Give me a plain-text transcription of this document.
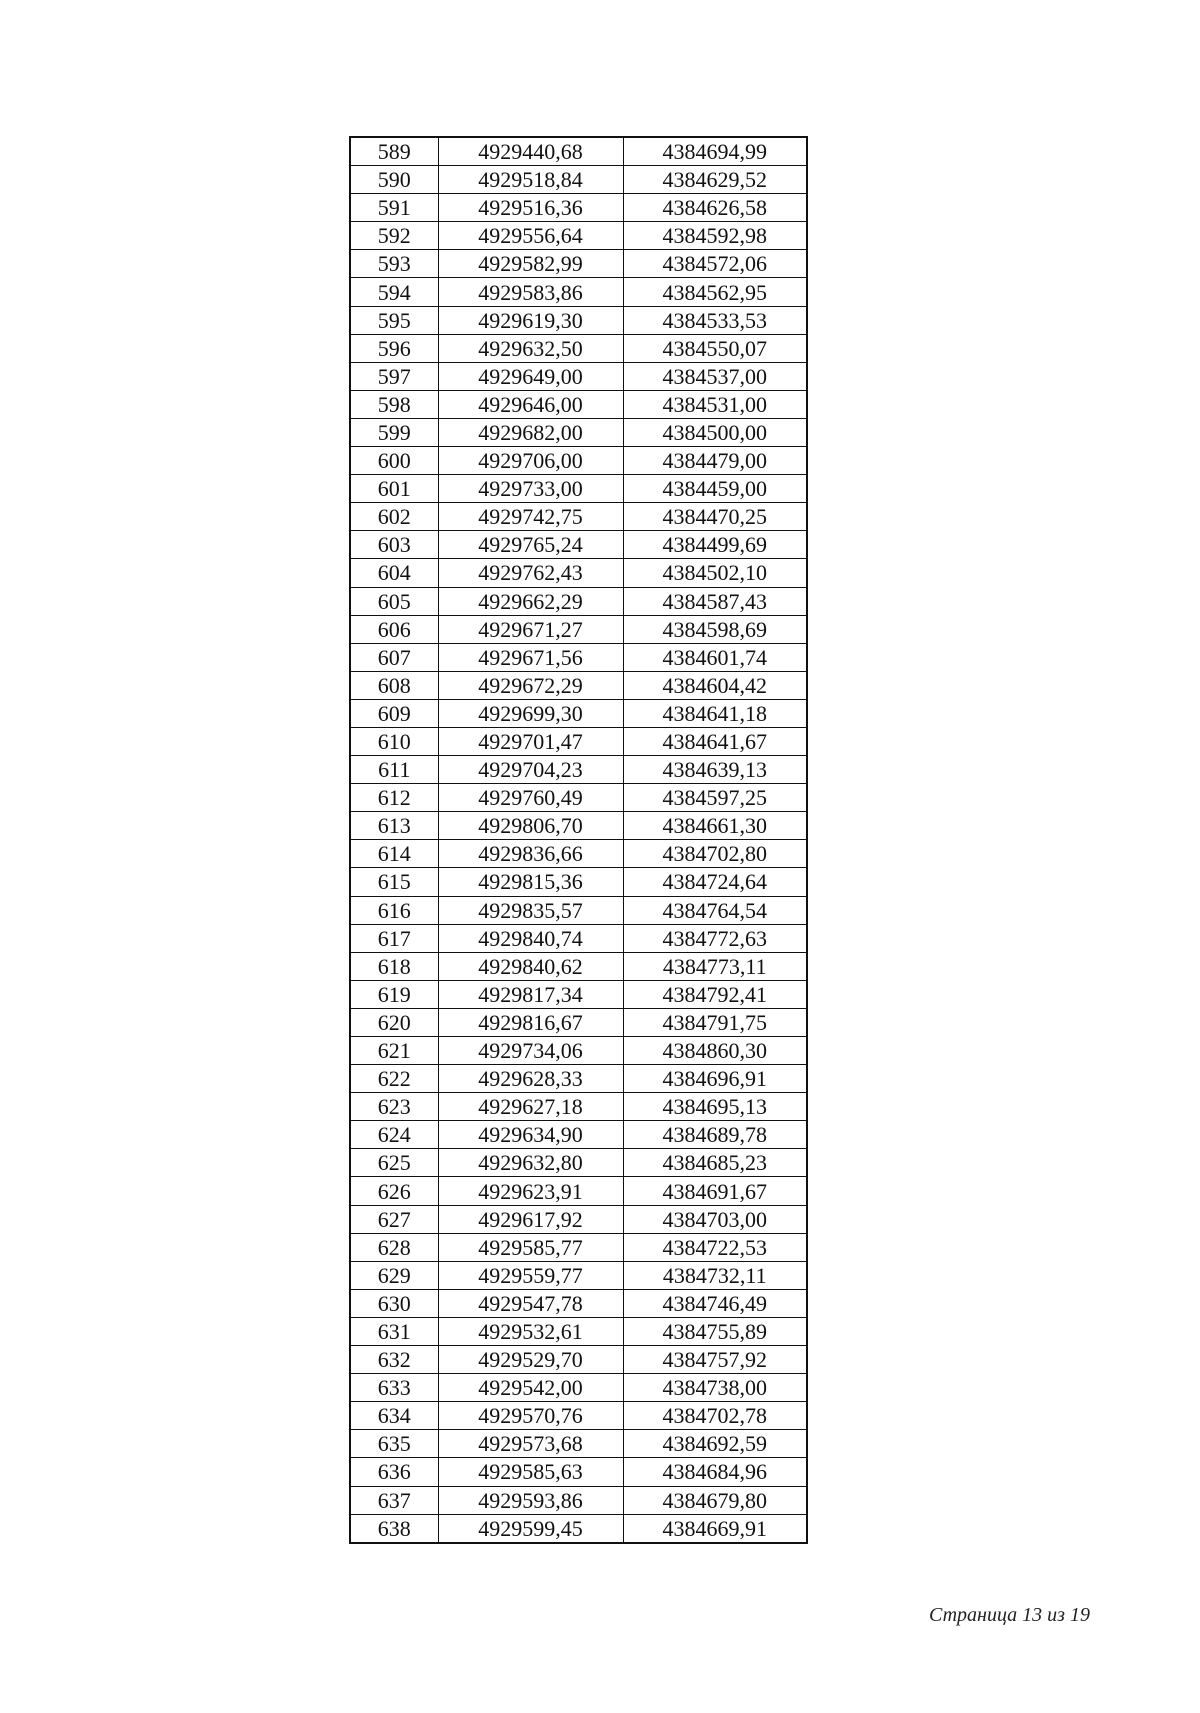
589	4929440,68	4384694,99
590	4929518,84	4384629,52
591	4929516,36	4384626,58
592	4929556,64	4384592,98
593	4929582,99	4384572,06
594	4929583,86	4384562,95
595	4929619,30	4384533,53
596	4929632,50	4384550,07
597	4929649,00	4384537,00
598	4929646,00	4384531,00
599	4929682,00	4384500,00
600	4929706,00	4384479,00
601	4929733,00	4384459,00
602	4929742,75	4384470,25
603	4929765,24	4384499,69
604	4929762,43	4384502,10
605	4929662,29	4384587,43
606	4929671,27	4384598,69
607	4929671,56	4384601,74
608	4929672,29	4384604,42
609	4929699,30	4384641,18
610	4929701,47	4384641,67
611	4929704,23	4384639,13
612	4929760,49	4384597,25
613	4929806,70	4384661,30
614	4929836,66	4384702,80
615	4929815,36	4384724,64
616	4929835,57	4384764,54
617	4929840,74	4384772,63
618	4929840,62	4384773,11
619	4929817,34	4384792,41
620	4929816,67	4384791,75
621	4929734,06	4384860,30
622	4929628,33	4384696,91
623	4929627,18	4384695,13
624	4929634,90	4384689,78
625	4929632,80	4384685,23
626	4929623,91	4384691,67
627	4929617,92	4384703,00
628	4929585,77	4384722,53
629	4929559,77	4384732,11
630	4929547,78	4384746,49
631	4929532,61	4384755,89
632	4929529,70	4384757,92
633	4929542,00	4384738,00
634	4929570,76	4384702,78
635	4929573,68	4384692,59
636	4929585,63	4384684,96
637	4929593,86	4384679,80
638	4929599,45	4384669,91
Страница 13 из 19
